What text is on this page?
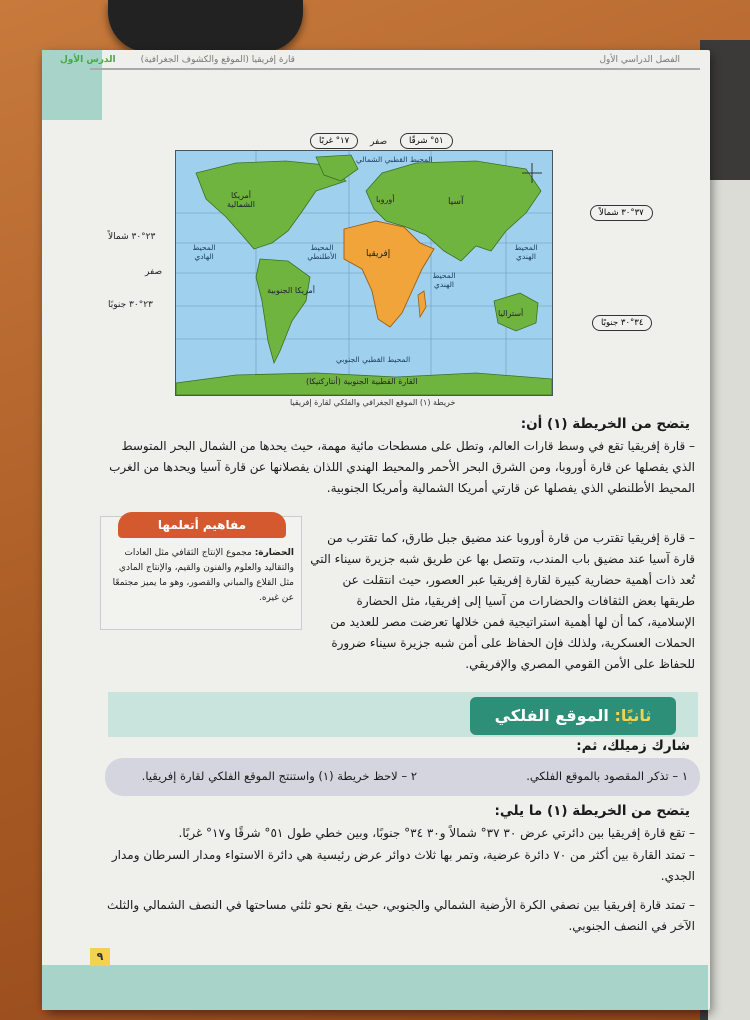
الفصل الدراسي الأول
قارة إفريقيا (الموقع والكشوف الجغرافية)
الدرس الأول
١٧° غربًا	صفر	٥١° شرقًا
أمريكا الشمالية
أمريكا الجنوبية
أوروبا	آسيا
إفريقيا
أستراليا
القارة القطبية الجنوبية (أنتاركتيكا)
المحيط الأطلنطي
المحيط الهادي
المحيط الهندي
المحيط الهندي
المحيط القطبي الشمالي
المحيط القطبي الجنوبي
خريطة (١) الموقع الجغرافي والفلكي لقارة إفريقيا
٢٣°٣٠ شمالاً
صفر
٢٣°٣٠ جنوبًا
٣٧°٣٠ شمالاً
٣٤°٣٠ جنوبًا
يتضح من الخريطة (١) أن:
– قارة إفريقيا تقع في وسط قارات العالم، وتطل على مسطحات مائية مهمة، حيث يحدها من الشمال البحر المتوسط الذي يفصلها عن قارة أوروبا، ومن الشرق البحر الأحمر والمحيط الهندي اللذان يفصلانها عن قارة آسيا ويحدها من الغرب المحيط الأطلنطي الذي يفصلها عن قارتي أمريكا الشمالية وأمريكا الجنوبية.
– قارة إفريقيا تقترب من قارة أوروبا عند مضيق جبل طارق، كما تقترب من قارة آسيا عند مضيق باب المندب، وتتصل بها عن طريق شبه جزيرة سيناء التي تُعد ذات أهمية حضارية كبيرة لقارة إفريقيا عبر العصور، حيث انتقلت عن طريقها بعض الثقافات والحضارات من آسيا إلى إفريقيا، مثل الحضارة الإسلامية، كما أن لها أهمية استراتيجية فمن خلالها تعرضت مصر للعديد من الحملات العسكرية، ولذلك فإن الحفاظ على أمن شبه جزيرة سيناء ضرورة للحفاظ على الأمن القومي المصري والإفريقي.
مفاهيم أتعلمها
الحضارة: مجموع الإنتاج الثقافي مثل العادات والتقاليد والعلوم والفنون والقيم، والإنتاج المادي مثل القلاع والمباني والقصور، وهو ما يميز مجتمعًا عن غيره.
ثانيًا: الموقع الفلكي
شارك زميلك، ثم:
١ – تذكر المقصود بالموقع الفلكي.
٢ – لاحظ خريطة (١) واستنتج الموقع الفلكي لقارة إفريقيا.
يتضح من الخريطة (١) ما يلي:
– تقع قارة إفريقيا بين دائرتي عرض ٣٠ ٣٧° شمالاً و٣٠ ٣٤° جنوبًا، وبين خطي طول ٥١° شرقًا و١٧° غربًا.
– تمتد القارة بين أكثر من ٧٠ دائرة عرضية، وتمر بها ثلاث دوائر عرض رئيسية هي دائرة الاستواء ومدار السرطان ومدار الجدي.
– تمتد قارة إفريقيا بين نصفي الكرة الأرضية الشمالي والجنوبي، حيث يقع نحو ثلثي مساحتها في النصف الشمالي والثلث الآخر في النصف الجنوبي.
٩
